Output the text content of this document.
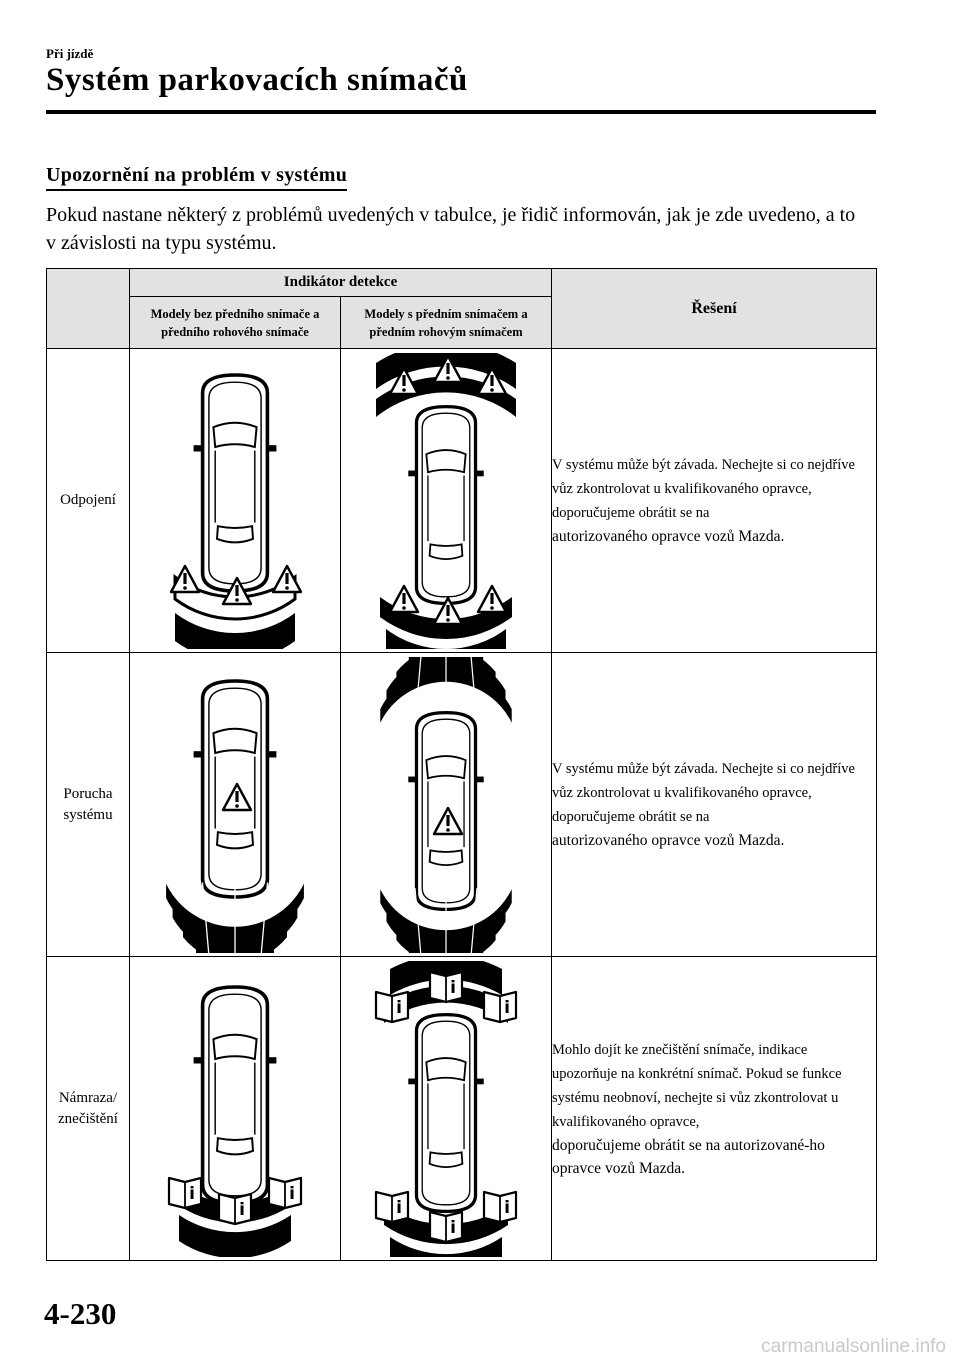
Při jízdě
Systém parkovacích snímačů
Upozornění na problém v systému
Pokud nastane některý z problémů uvedených v tabulce, je řidič informován, jak je zde uvedeno, a to v závislosti na typu systému.
	Indikátor detekce		Řešení
	Modely bez předního snímače a předního rohového snímače	Modely s předním snímačem a předním rohovým snímačem	
Odpojení			V systému může být závada. Nechejte si co nejdříve vůz zkontrolovat u kvalifikovaného opravce, doporučujeme obrátit se na
autorizovaného opravce vozů Mazda.
Porucha systému			V systému může být závada. Nechejte si co nejdříve vůz zkontrolovat u kvalifikovaného opravce, doporučujeme obrátit se na
autorizovaného opravce vozů Mazda.
Námraza/ znečištění			Mohlo dojít ke znečištění snímače, indikace upozorňuje na konkrétní snímač. Pokud se funkce systému neobnoví, nechejte si vůz zkontrolovat u kvalifikovaného opravce,
doporučujeme obrátit se na autorizované-ho
opravce vozů Mazda.
4-230
carmanualsonline.info
